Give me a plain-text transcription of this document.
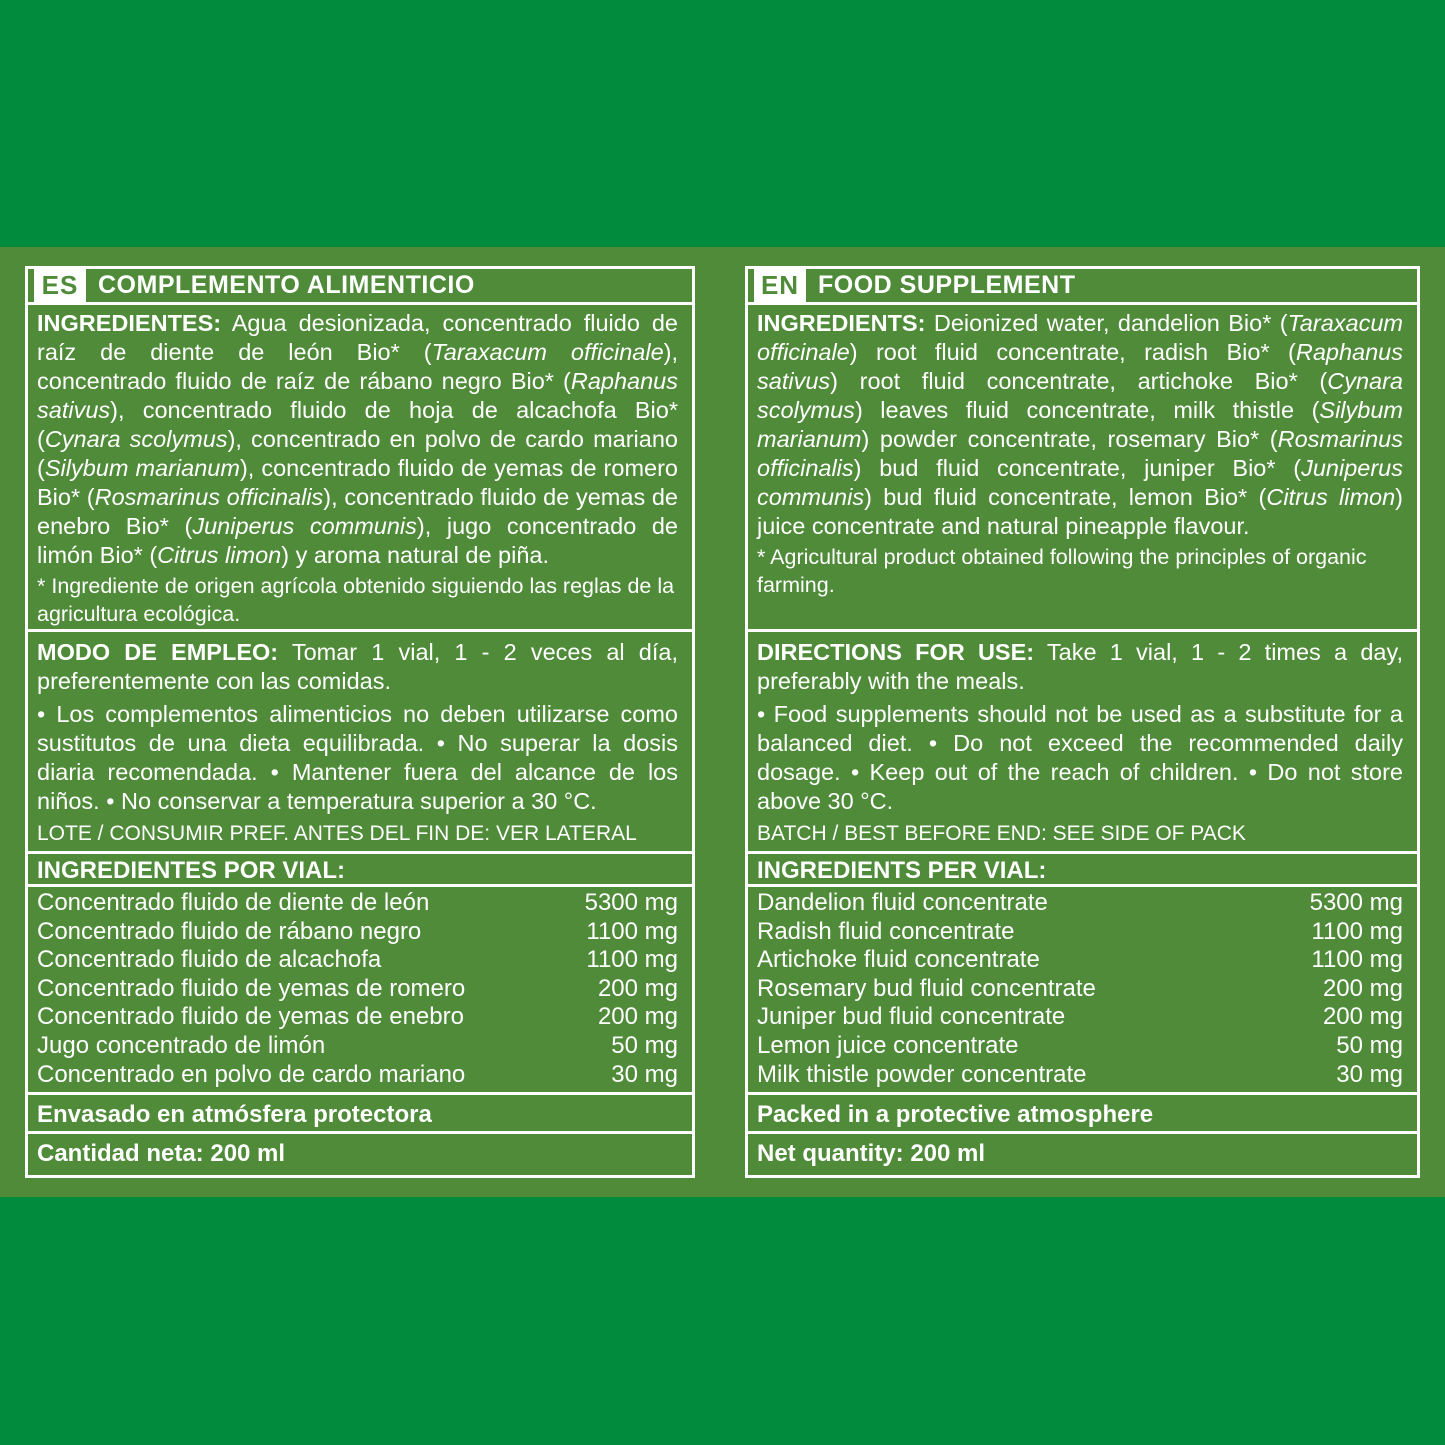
ES COMPLEMENTO ALIMENTICIO

INGREDIENTES: Agua desionizada, concentrado fluido de raíz de diente de león Bio* (Taraxacum officinale), concentrado fluido de raíz de rábano negro Bio* (Raphanus sativus), concentrado fluido de hoja de alcachofa Bio* (Cynara scolymus), concentrado en polvo de cardo mariano (Silybum marianum), concentrado fluido de yemas de romero Bio* (Rosmarinus officinalis), concentrado fluido de yemas de enebro Bio* (Juniperus communis), jugo concentrado de limón Bio* (Citrus limon) y aroma natural de piña.

* Ingrediente de origen agrícola obtenido siguiendo las reglas de la agricultura ecológica.

MODO DE EMPLEO: Tomar 1 vial, 1 - 2 veces al día, preferentemente con las comidas.

• Los complementos alimenticios no deben utilizarse como sustitutos de una dieta equilibrada. • No superar la dosis diaria recomendada. • Mantener fuera del alcance de los niños. • No conservar a temperatura superior a 30 °C.

LOTE / CONSUMIR PREF. ANTES DEL FIN DE: VER LATERAL

INGREDIENTES POR VIAL:
Concentrado fluido de diente de león	5300 mg
Concentrado fluido de rábano negro	1100 mg
Concentrado fluido de alcachofa	1100 mg
Concentrado fluido de yemas de romero	200 mg
Concentrado fluido de yemas de enebro	200 mg
Jugo concentrado de limón	50 mg
Concentrado en polvo de cardo mariano	30 mg
Envasado en atmósfera protectora
Cantidad neta: 200 ml
EN FOOD SUPPLEMENT

INGREDIENTS: Deionized water, dandelion Bio* (Taraxacum officinale) root fluid concentrate, radish Bio* (Raphanus sativus) root fluid concentrate, artichoke Bio* (Cynara scolymus) leaves fluid concentrate, milk thistle (Silybum marianum) powder concentrate, rosemary Bio* (Rosmarinus officinalis) bud fluid concentrate, juniper Bio* (Juniperus communis) bud fluid concentrate, lemon Bio* (Citrus limon) juice concentrate and natural pineapple flavour.

* Agricultural product obtained following the principles of organic farming.

DIRECTIONS FOR USE: Take 1 vial, 1 - 2 times a day, preferably with the meals.

• Food supplements should not be used as a substitute for a balanced diet. • Do not exceed the recommended daily dosage. • Keep out of the reach of children. • Do not store above 30 °C.

BATCH / BEST BEFORE END: SEE SIDE OF PACK

INGREDIENTS PER VIAL:
Dandelion fluid concentrate	5300 mg
Radish fluid concentrate	1100 mg
Artichoke fluid concentrate	1100 mg
Rosemary bud fluid concentrate	200 mg
Juniper bud fluid concentrate	200 mg
Lemon juice concentrate	50 mg
Milk thistle powder concentrate	30 mg
Packed in a protective atmosphere
Net quantity: 200 ml
